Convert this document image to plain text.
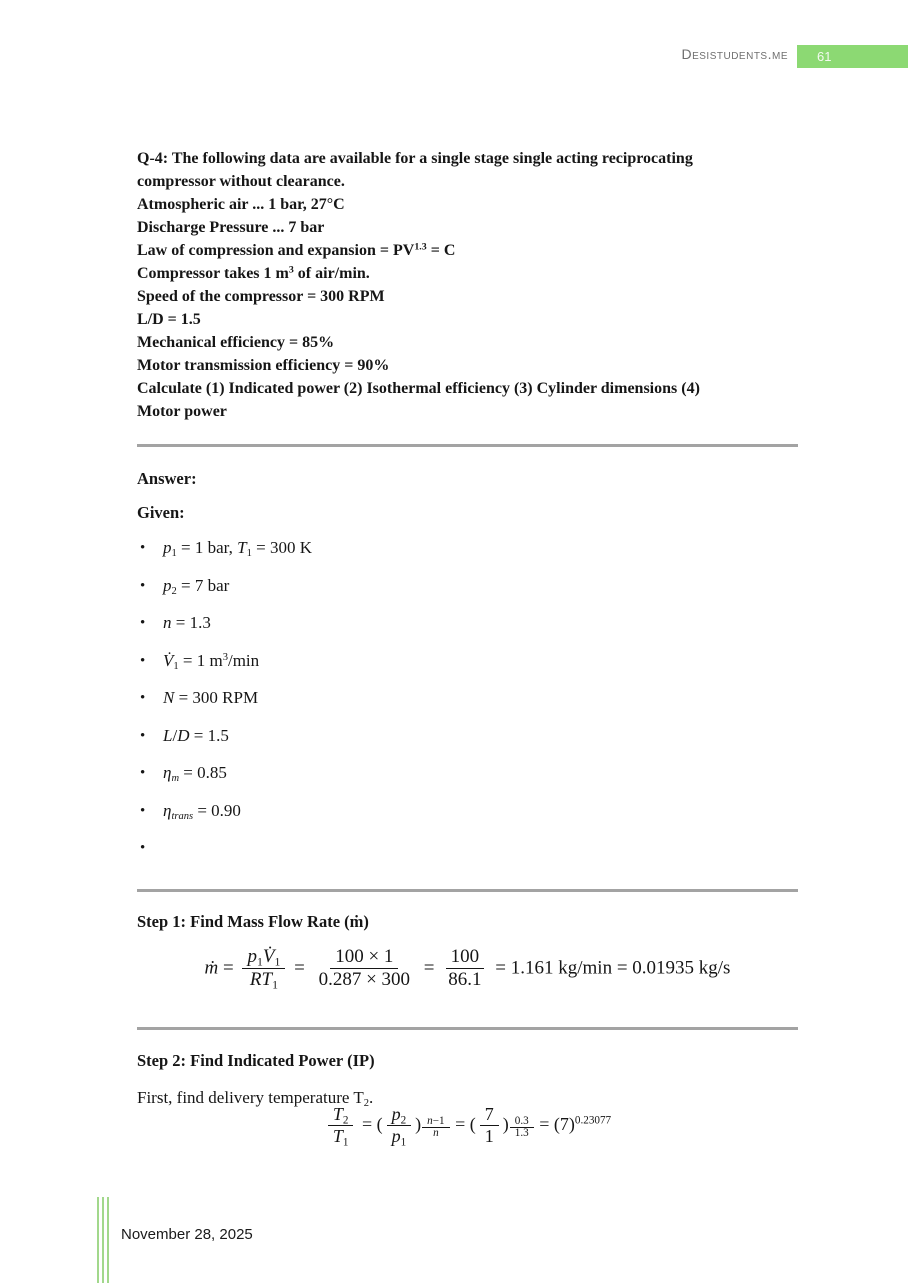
Desistudents.me	61
Q-4: The following data are available for a single stage single acting reciprocating
compressor without clearance.
Atmospheric air ... 1 bar, 27°C
Discharge Pressure ... 7 bar
Law of compression and expansion = $PV^{1.3} = C$
Compressor takes 1 $m^3$ of air/min.
Speed of the compressor = 300 RPM
L/D = 1.5
Mechanical efficiency = 85%
Motor transmission efficiency = 90%
Calculate (1) Indicated power (2) Isothermal efficiency (3) Cylinder dimensions (4)
Motor power
Answer:
Given:
• $p_1 = 1$ bar, $T_1 = 300$ K
• $p_2 = 7$ bar
• n = 1.3
• $V̇_1 = 1$ $m^3/\min$
• N = 300 RPM
• L/D = 1.5
• $\eta_m = 0.85$
• $\eta_{trans} = 0.90$
•
Step 1: Find Mass Flow Rate (ṁ)
ṁ = $\frac{p_1V̇_1}{RT_1} = \frac{100 \times 1}{0.287 \times 300} = \frac{100}{86.1} = 1.161$ kg/min = 0.01935 kg/s
Step 2: Find Indicated Power (IP)
First, find delivery temperature $T_2$.
$\frac{T_2}{T_1}$ = ( $\frac{p_2}{p_1}$ ) $^{\frac{n-1}{n}}$ = ( $\frac{7}{1}$ ) $^{\frac{0.3}{1.3}} = (7)^{0.23077}$
November 28, 2025
